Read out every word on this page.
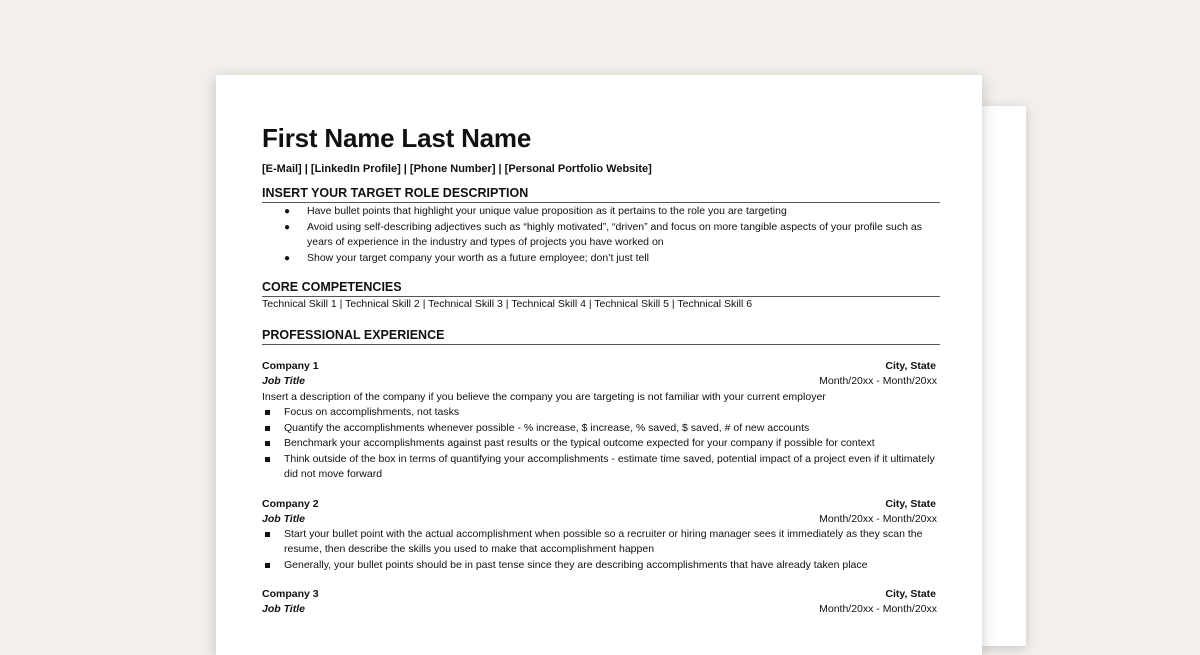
First Name Last Name
[E-Mail] | [LinkedIn Profile] | [Phone Number] | [Personal Portfolio Website]
INSERT YOUR TARGET ROLE DESCRIPTION
● Have bullet points that highlight your unique value proposition as it pertains to the role you are targeting
● Avoid using self-describing adjectives such as “highly motivated”, “driven” and focus on more tangible aspects of your profile such as years of experience in the industry and types of projects you have worked on
● Show your target company your worth as a future employee; don’t just tell
CORE COMPETENCIES
Technical Skill 1 | Technical Skill 2 | Technical Skill 3 | Technical Skill 4 | Technical Skill 5 | Technical Skill 6
PROFESSIONAL EXPERIENCE
Company 1	City, State
Job Title	Month/20xx - Month/20xx
Insert a description of the company if you believe the company you are targeting is not familiar with your current employer
Focus on accomplishments, not tasks
Quantify the accomplishments whenever possible - % increase, $ increase, % saved, $ saved, # of new accounts
Benchmark your accomplishments against past results or the typical outcome expected for your company if possible for context
Think outside of the box in terms of quantifying your accomplishments - estimate time saved, potential impact of a project even if it ultimately did not move forward
Company 2	City, State
Job Title	Month/20xx - Month/20xx
Start your bullet point with the actual accomplishment when possible so a recruiter or hiring manager sees it immediately as they scan the resume, then describe the skills you used to make that accomplishment happen
Generally, your bullet points should be in past tense since they are describing accomplishments that have already taken place
Company 3	City, State
Job Title	Month/20xx - Month/20xx
